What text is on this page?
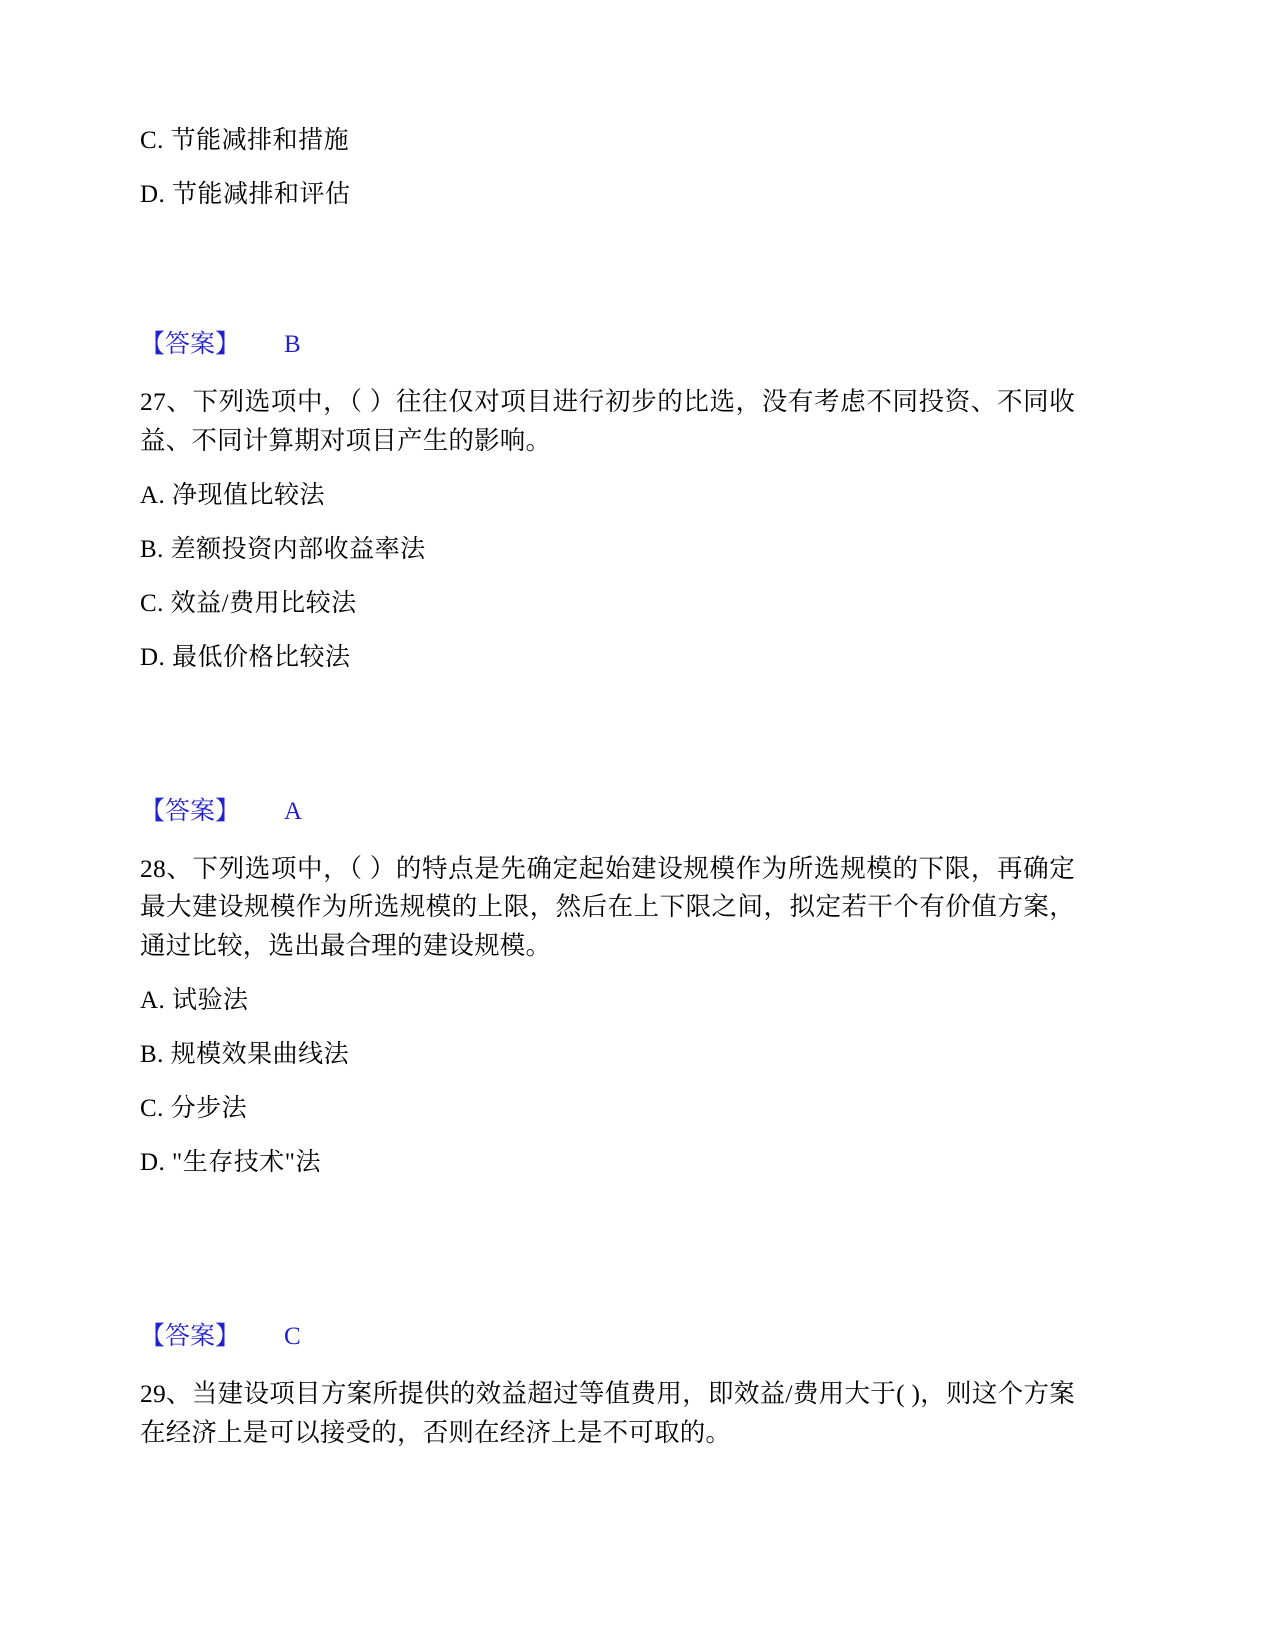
C. 节能减排和措施
D. 节能减排和评估
【答案】 B
27、下列选项中，（ ）往往仅对项目进行初步的比选，没有考虑不同投资、不同收益、不同计算期对项目产生的影响。
A. 净现值比较法
B. 差额投资内部收益率法
C. 效益/费用比较法
D. 最低价格比较法
【答案】 A
28、下列选项中，（ ）的特点是先确定起始建设规模作为所选规模的下限，再确定最大建设规模作为所选规模的上限，然后在上下限之间，拟定若干个有价值方案，通过比较，选出最合理的建设规模。
A. 试验法
B. 规模效果曲线法
C. 分步法
D. "生存技术"法
【答案】 C
29、当建设项目方案所提供的效益超过等值费用，即效益/费用大于( )，则这个方案在经济上是可以接受的，否则在经济上是不可取的。
